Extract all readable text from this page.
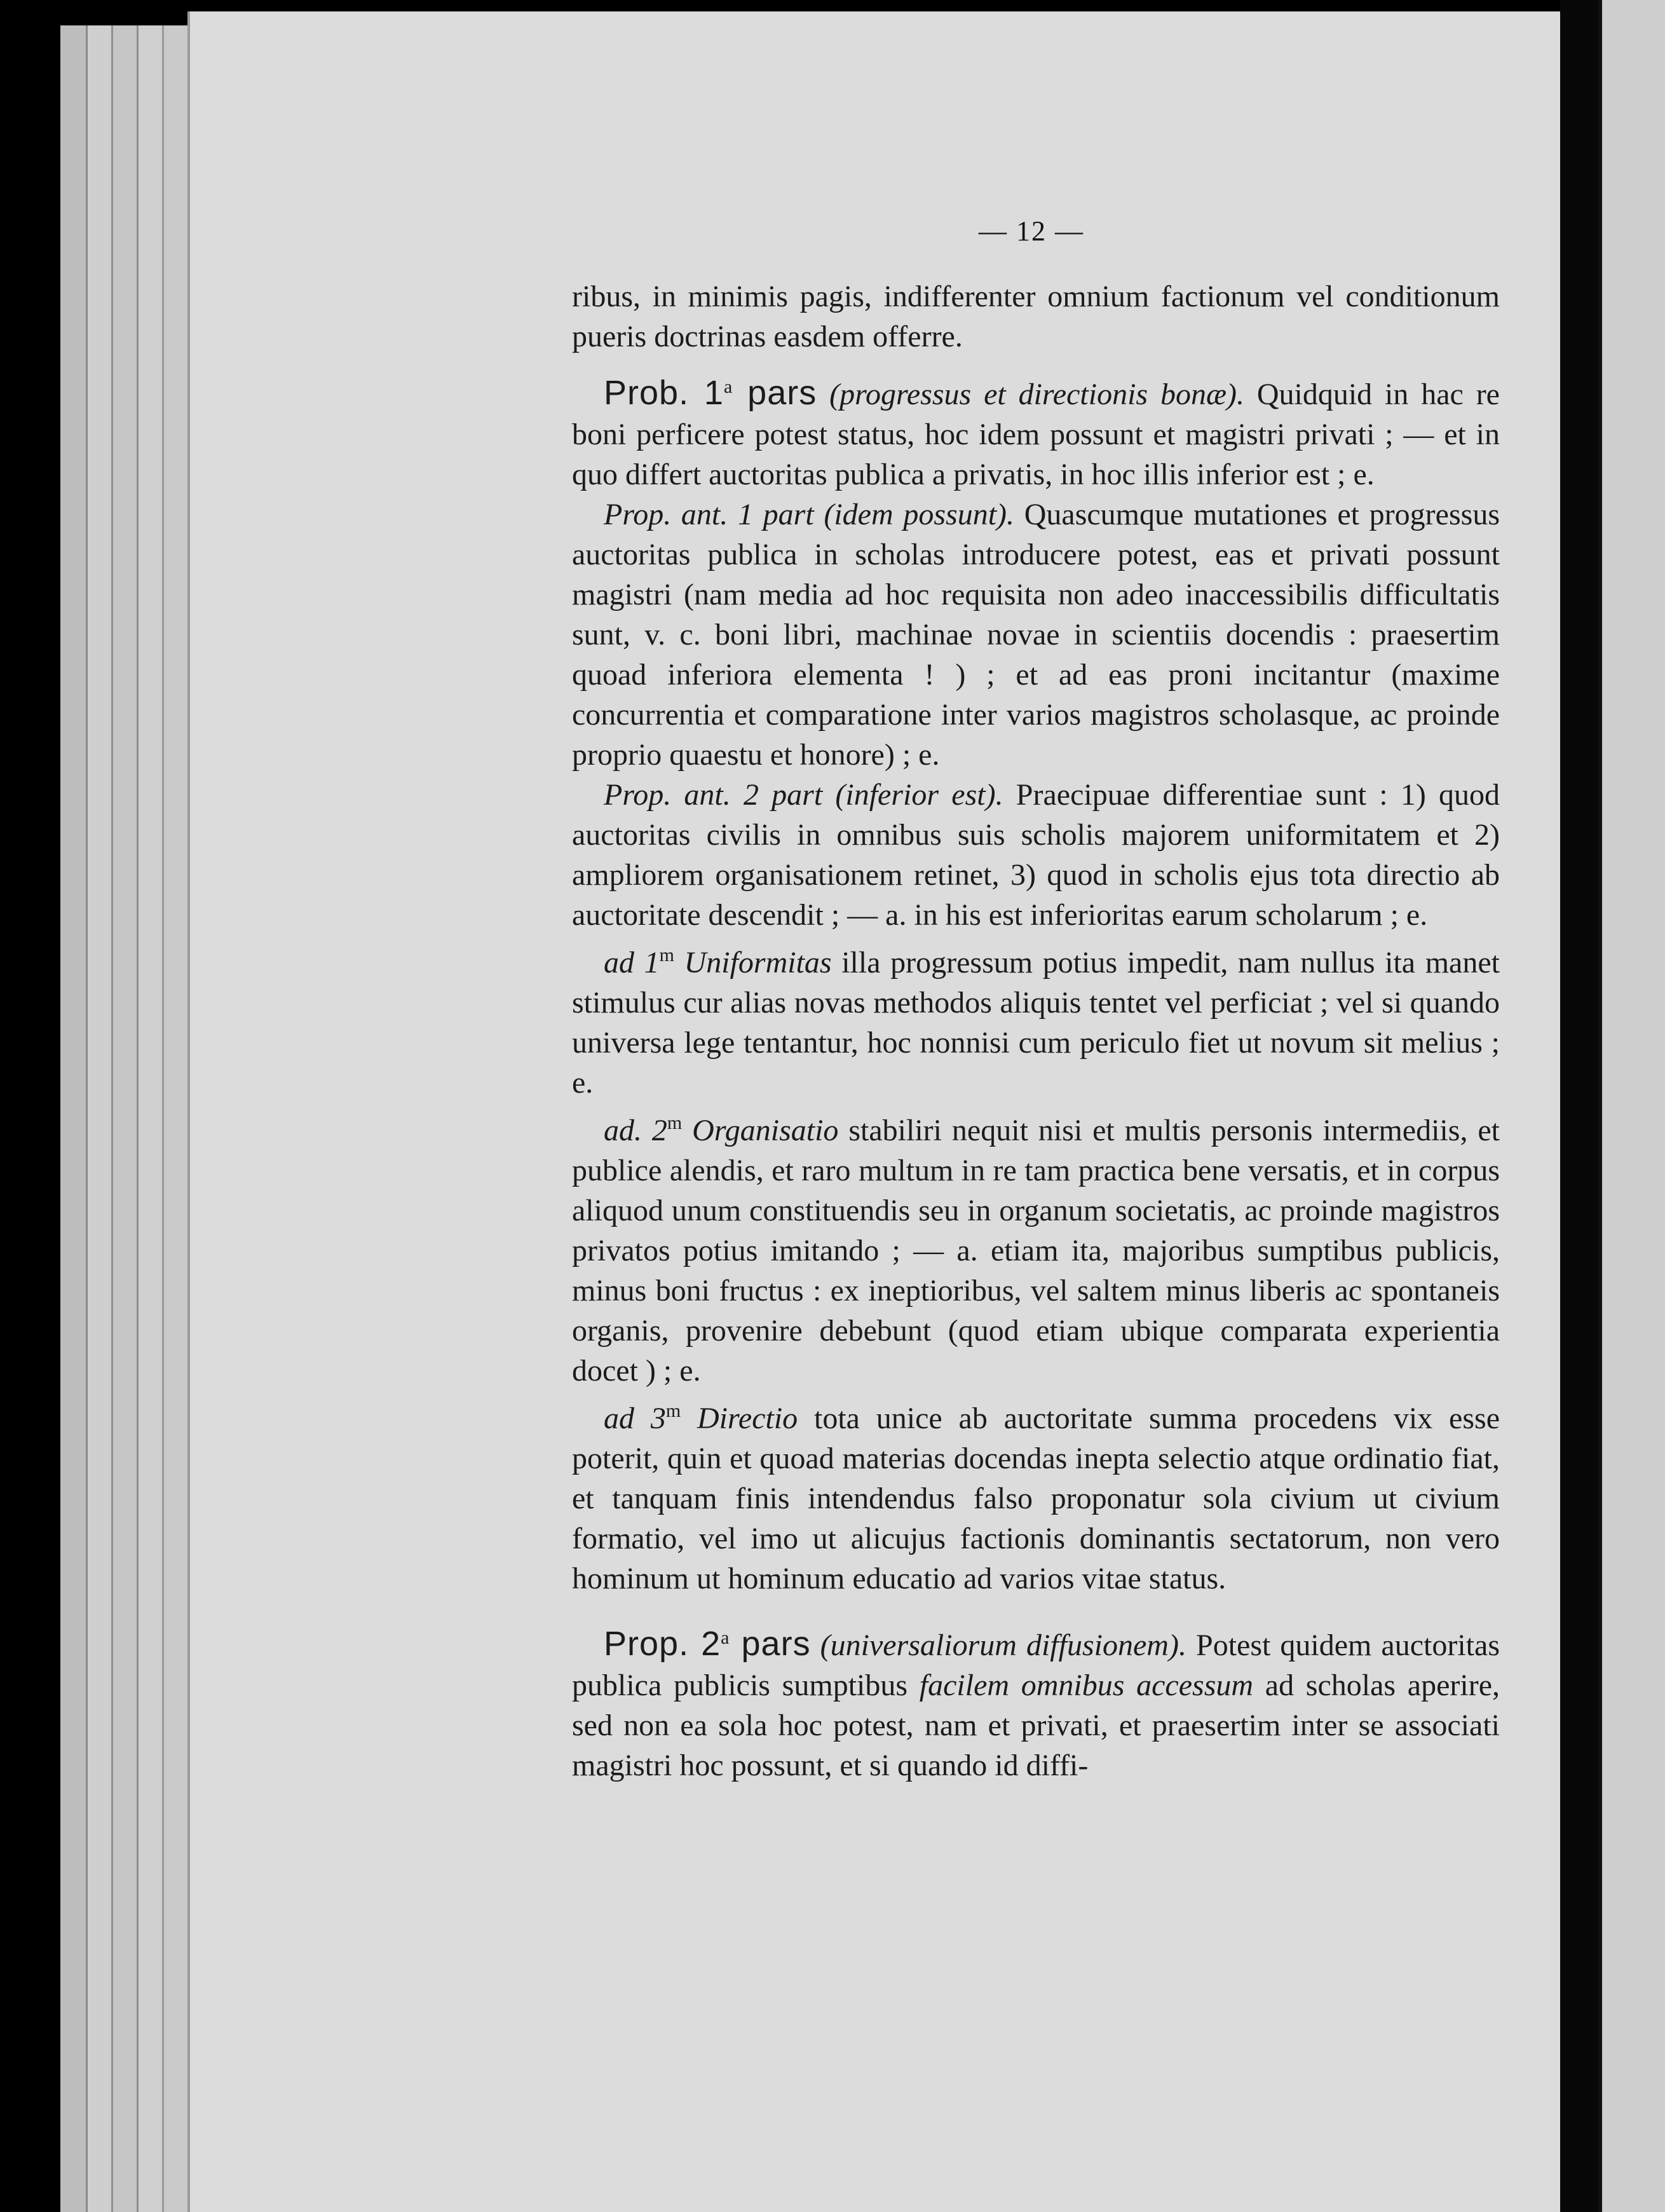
— 12 —

ribus, in minimis pagis, indifferenter omnium factionum vel conditionum pueris doctrinas easdem offerre.

Prob. 1$^a$ pars (progressus et directionis bonæ). Quidquid in hac re boni perficere potest status, hoc idem possunt et magistri privati ; — et in quo differt auctoritas publica a privatis, in hoc illis inferior est ; e.

Prop. ant. 1 part (idem possunt). Quascumque mutationes et progressus auctoritas publica in scholas introducere potest, eas et privati possunt magistri (nam media ad hoc requisita non adeo inaccessibilis difficultatis sunt, v. c. boni libri, machinae novae in scientiis docendis : praesertim quoad inferiora elementa ! ) ; et ad eas proni incitantur (maxime concurrentia et comparatione inter varios magistros scholasque, ac proinde proprio quaestu et honore) ; e.

Prop. ant. 2 part (inferior est). Praecipuae differentiae sunt : 1) quod auctoritas civilis in omnibus suis scholis majorem uniformitatem et 2) ampliorem organisationem retinet, 3) quod in scholis ejus tota directio ab auctoritate descendit ; — a. in his est inferioritas earum scholarum ; e.

ad 1$^m$ Uniformitas illa progressum potius impedit, nam nullus ita manet stimulus cur alias novas methodos aliquis tentet vel perficiat ; vel si quando universa lege tentantur, hoc nonnisi cum periculo fiet ut novum sit melius ; e.

ad. 2$^m$ Organisatio stabiliri nequit nisi et multis personis intermediis, et publice alendis, et raro multum in re tam practica bene versatis, et in corpus aliquod unum constituendis seu in organum societatis, ac proinde magistros privatos potius imitando ; — a. etiam ita, majoribus sumptibus publicis, minus boni fructus : ex ineptioribus, vel saltem minus liberis ac spontaneis organis, provenire debebunt (quod etiam ubique comparata experientia docet ) ; e.

ad 3$^m$ Directio tota unice ab auctoritate summa procedens vix esse poterit, quin et quoad materias docendas inepta selectio atque ordinatio fiat, et tanquam finis intendendus falso proponatur sola civium ut civium formatio, vel imo ut alicujus factionis dominantis sectatorum, non vero hominum ut hominum educatio ad varios vitae status.

Prop. 2$^a$ pars (universaliorum diffusionem). Potest quidem auctoritas publica publicis sumptibus facilem omnibus accessum ad scholas aperire, sed non ea sola hoc potest, nam et privati, et praesertim inter se associati magistri hoc possunt, et si quando id diffi-
